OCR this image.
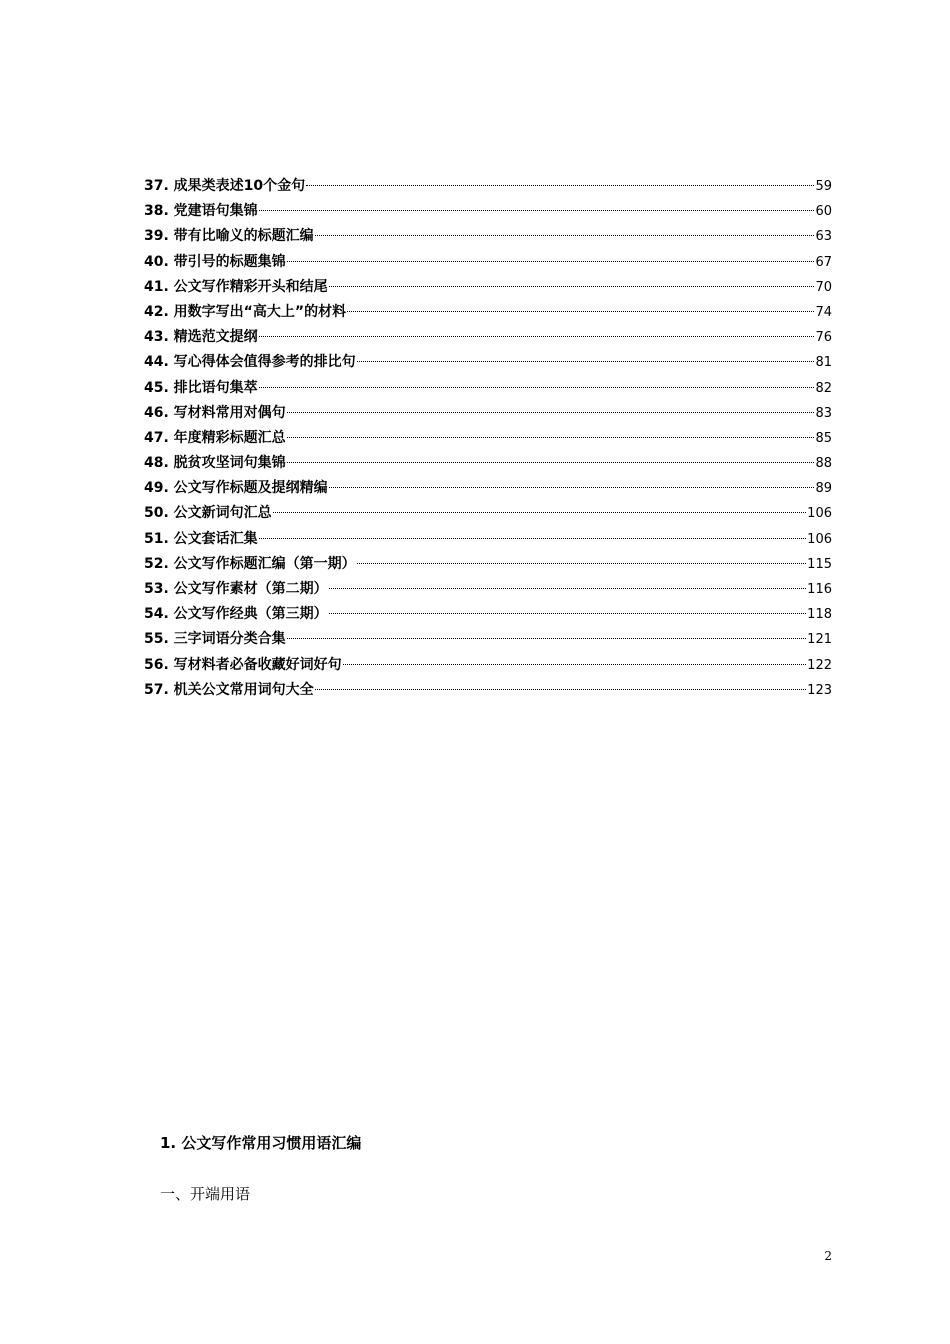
37. 成果类表述10个金句	59
38. 党建语句集锦	60
39. 带有比喻义的标题汇编	63
40. 带引号的标题集锦	67
41. 公文写作精彩开头和结尾	70
42. 用数字写出“高大上”的材料	74
43. 精选范文提纲	76
44. 写心得体会值得参考的排比句	81
45. 排比语句集萃	82
46. 写材料常用对偶句	83
47. 年度精彩标题汇总	85
48. 脱贫攻坚词句集锦	88
49. 公文写作标题及提纲精编	89
50. 公文新词句汇总	106
51. 公文套话汇集	106
52. 公文写作标题汇编（第一期）	115
53. 公文写作素材（第二期）	116
54. 公文写作经典（第三期）	118
55. 三字词语分类合集	121
56. 写材料者必备收藏好词好句	122
57. 机关公文常用词句大全	123
1. 公文写作常用习惯用语汇编

一、开端用语

2
